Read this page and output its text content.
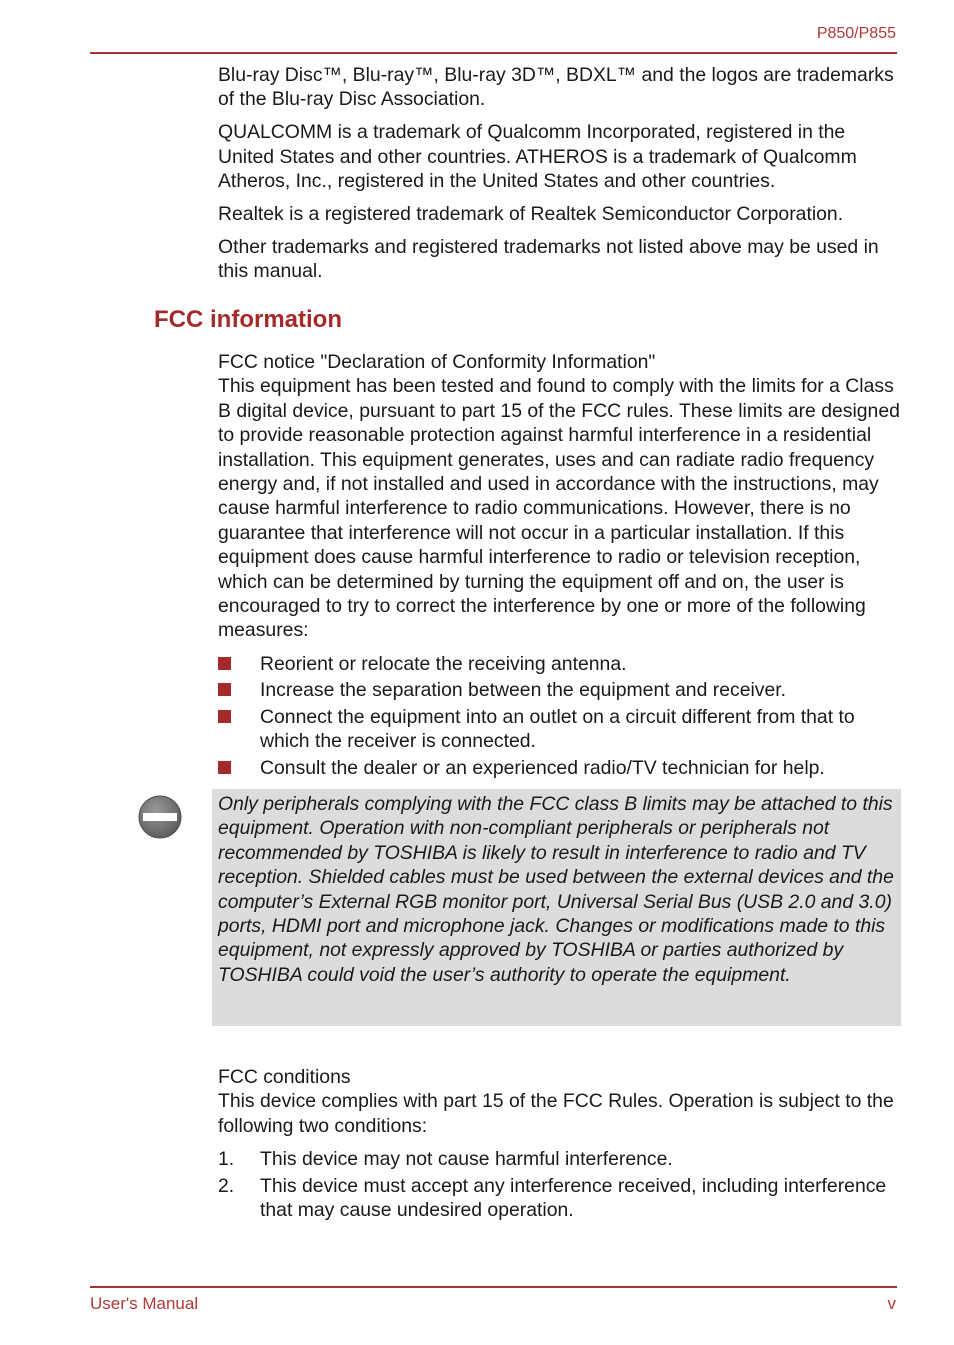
P850/P855

Blu-ray Disc™, Blu-ray™, Blu-ray 3D™, BDXL™ and the logos are trademarks of the Blu-ray Disc Association.

QUALCOMM is a trademark of Qualcomm Incorporated, registered in the United States and other countries. ATHEROS is a trademark of Qualcomm Atheros, Inc., registered in the United States and other countries.

Realtek is a registered trademark of Realtek Semiconductor Corporation.

Other trademarks and registered trademarks not listed above may be used in this manual.

FCC information

FCC notice "Declaration of Conformity Information"

This equipment has been tested and found to comply with the limits for a Class B digital device, pursuant to part 15 of the FCC rules. These limits are designed to provide reasonable protection against harmful interference in a residential installation. This equipment generates, uses and can radiate radio frequency energy and, if not installed and used in accordance with the instructions, may cause harmful interference to radio communications. However, there is no guarantee that interference will not occur in a particular installation. If this equipment does cause harmful interference to radio or television reception, which can be determined by turning the equipment off and on, the user is encouraged to try to correct the interference by one or more of the following measures:

Reorient or relocate the receiving antenna.
Increase the separation between the equipment and receiver.
Connect the equipment into an outlet on a circuit different from that to which the receiver is connected.
Consult the dealer or an experienced radio/TV technician for help.
Only peripherals complying with the FCC class B limits may be attached to this equipment. Operation with non-compliant peripherals or peripherals not recommended by TOSHIBA is likely to result in interference to radio and TV reception. Shielded cables must be used between the external devices and the computer’s External RGB monitor port, Universal Serial Bus (USB 2.0 and 3.0) ports, HDMI port and microphone jack. Changes or modifications made to this equipment, not expressly approved by TOSHIBA or parties authorized by TOSHIBA could void the user’s authority to operate the equipment.

FCC conditions

This device complies with part 15 of the FCC Rules. Operation is subject to the following two conditions:

1. This device may not cause harmful interference.
2. This device must accept any interference received, including interference that may cause undesired operation.
User's Manual	v
